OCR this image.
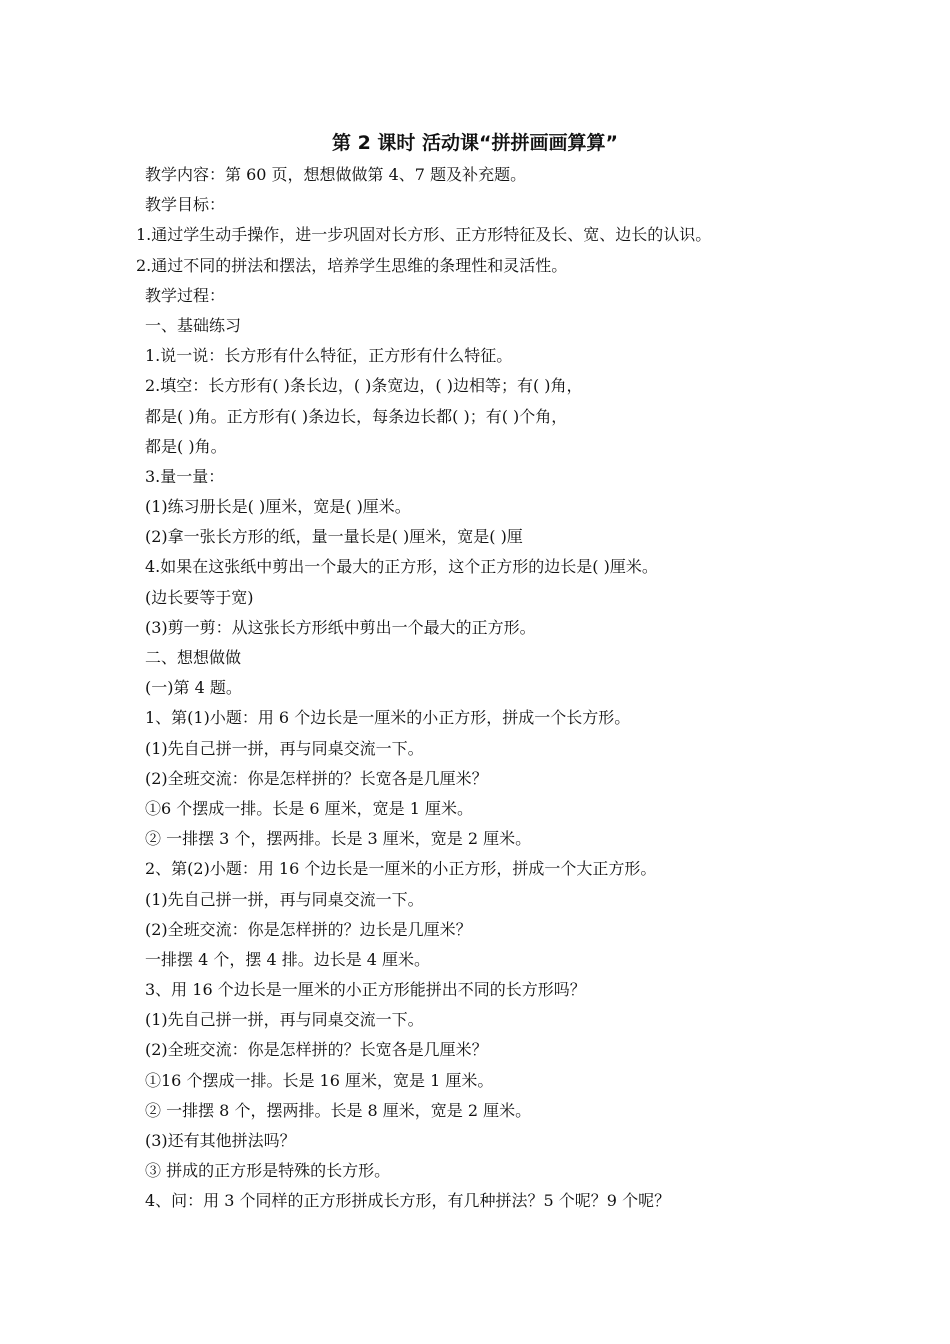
第 2 课时 活动课“拼拼画画算算”
教学内容：第 60 页，想想做做第 4、7 题及补充题。
教学目标：
1.通过学生动手操作，进一步巩固对长方形、正方形特征及长、宽、边长的认识。
2.通过不同的拼法和摆法，培养学生思维的条理性和灵活性。
教学过程：
一、基础练习
1.说一说：长方形有什么特征，正方形有什么特征。
2.填空：长方形有( )条长边，( )条宽边，( )边相等；有( )角，
都是( )角。正方形有( )条边长，每条边长都( )；有( )个角，
都是( )角。
3.量一量：
(1)练习册长是( )厘米，宽是( )厘米。
(2)拿一张长方形的纸，量一量长是( )厘米，宽是( )厘
4.如果在这张纸中剪出一个最大的正方形，这个正方形的边长是( )厘米。
(边长要等于宽)
(3)剪一剪：从这张长方形纸中剪出一个最大的正方形。
二、想想做做
(一)第 4 题。
1、第(1)小题：用 6 个边长是一厘米的小正方形，拼成一个长方形。
(1)先自己拼一拼，再与同桌交流一下。
(2)全班交流：你是怎样拼的？长宽各是几厘米？
①6 个摆成一排。长是 6 厘米，宽是 1 厘米。
② 一排摆 3 个，摆两排。长是 3 厘米，宽是 2 厘米。
2、第(2)小题：用 16 个边长是一厘米的小正方形，拼成一个大正方形。
(1)先自己拼一拼，再与同桌交流一下。
(2)全班交流：你是怎样拼的？边长是几厘米？
一排摆 4 个，摆 4 排。边长是 4 厘米。
3、用 16 个边长是一厘米的小正方形能拼出不同的长方形吗？
(1)先自己拼一拼，再与同桌交流一下。
(2)全班交流：你是怎样拼的？长宽各是几厘米？
①16 个摆成一排。长是 16 厘米，宽是 1 厘米。
② 一排摆 8 个，摆两排。长是 8 厘米，宽是 2 厘米。
(3)还有其他拼法吗？
③ 拼成的正方形是特殊的长方形。
4、问：用 3 个同样的正方形拼成长方形，有几种拼法？5 个呢？9 个呢？
